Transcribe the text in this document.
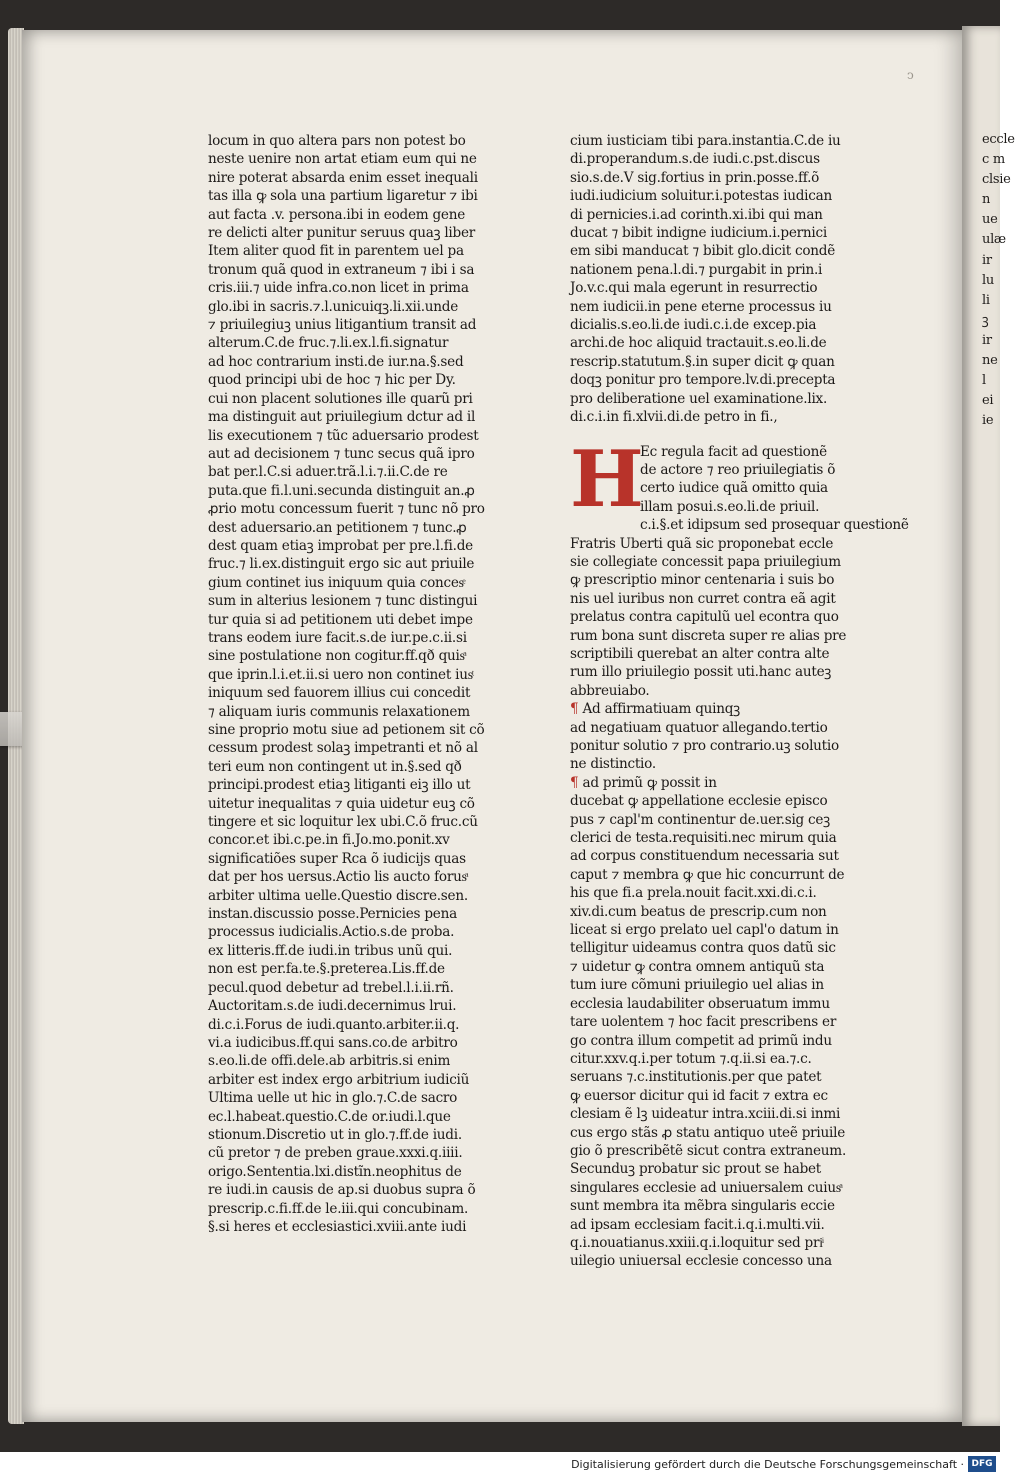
ↄ
locum in quo altera pars non potest bo
neste uenire non artat etiam eum qui ne
nire poterat absarda enim esset inequali
tas illa ꝙ sola una partium ligaretur ⁊ ibi
aut facta .v. persona.ibi in eodem gene
re delicti alter punitur seruus quaꝫ liber
Item aliter quod fit in parentem uel pa
tronum quã quod in extraneum ⁊ ibi i sa
cris.iii.⁊ uide infra.co.non licet in prima
glo.ibi in sacris.⁊.l.unicuiqꝫ.li.xii.unde
⁊ priuilegiuꝫ unius litigantium transit ad
alterum.C.de fruc.⁊.li.ex.l.fi.signatur
ad hoc contrarium insti.de iur.na.§.sed
quod principi ubi de hoc ⁊ hic per Dy.
cui non placent solutiones ille quarũ pri
ma distinguit aut priuilegium dctur ad il
lis executionem ⁊ tũc aduersario prodest
aut ad decisionem ⁊ tunc secus quã ipro
bat per.l.C.si aduer.trã.l.i.⁊.ii.C.de re
puta.que fi.l.uni.secunda distinguit an.ꝓ
ꝓrio motu concessum fuerit ⁊ tunc nõ pro
dest aduersario.an petitionem ⁊ tunc.ꝓ
dest quam etiaꝫ improbat per pre.l.fi.de
fruc.⁊ li.ex.distinguit ergo sic aut priuile
gium continet ius iniquum quia concesͤ
sum in alterius lesionem ⁊ tunc distingui
tur quia si ad petitionem uti debet impe
trans eodem iure facit.s.de iur.pe.c.ii.si
sine postulatione non cogitur.ff.qð quisͣ
que iprin.l.i.et.ii.si uero non continet iusͭ
iniquum sed fauorem illius cui concedit
⁊ aliquam iuris communis relaxationem
sine proprio motu siue ad petionem sit cõ
cessum prodest solaꝫ impetranti et nõ al
teri eum non contingent ut in.§.sed qð
principi.prodest etiaꝫ litiganti eiꝫ illo ut
uitetur inequalitas ⁊ quia uidetur euꝫ cõ
tingere et sic loquitur lex ubi.C.õ fruc.cũ
concor.et ibi.c.pe.in fi.Jo.mo.ponit.xv
significatiões super Rca õ iudicijs quas
dat per hos uersus.Actio lis aucto forusͣ
arbiter ultima uelle.Questio discre.sen.
instan.discussio posse.Pernicies pena
processus iudicialis.Actio.s.de proba.
ex litteris.ff.de iudi.in tribus unũ qui.
non est per.fa.te.§.preterea.Lis.ff.de
pecul.quod debetur ad trebel.l.i.ii.rñ.
Auctoritam.s.de iudi.decernimus lrui.
di.c.i.Forus de iudi.quanto.arbiter.ii.q.
vi.a iudicibus.ff.qui sans.co.de arbitro
s.eo.li.de offi.dele.ab arbitris.si enim
arbiter est index ergo arbitrium iudiciũ
Ultima uelle ut hic in glo.⁊.C.de sacro
ec.l.habeat.questio.C.de or.iudi.l.que
stionum.Discretio ut in glo.⁊.ff.de iudi.
cũ pretor ⁊ de preben graue.xxxi.q.iiii.
origo.Sententia.lxi.distĩn.neophitus de
re iudi.in causis de ap.si duobus supra õ
prescrip.c.fi.ff.de le.iii.qui concubinam.
§.si heres et ecclesiastici.xviii.ante iudi
cium iusticiam tibi para.instantia.C.de iu
di.properandum.s.de iudi.c.pst.discus
sio.s.de.V sig.fortius in prin.posse.ff.õ
iudi.iudicium soluitur.i.potestas iudican
di pernicies.i.ad corinth.xi.ibi qui man
ducat ⁊ bibit indigne iudicium.i.pernici
em sibi manducat ⁊ bibit glo.dicit condẽ
nationem pena.l.di.⁊ purgabit in prin.i
Jo.v.c.qui mala egerunt in resurrectio
nem iudicii.in pene eterne processus iu
dicialis.s.eo.li.de iudi.c.i.de excep.pia
archi.de hoc aliquid tractauit.s.eo.li.de
rescrip.statutum.§.in super dicit ꝙ quan
doqꝫ ponitur pro tempore.lv.di.precepta
pro deliberatione uel examinatione.lix.
di.c.i.in fi.xlvii.di.de petro in fi.,
H
Ec regula facit ad questionẽ
de actore ⁊ reo priuilegiatis õ
certo iudice quã omitto quia
illam posui.s.eo.li.de priuil.
c.i.§.et idipsum sed prosequar questionẽ
Fratris Uberti quã sic proponebat eccle
sie collegiate concessit papa priuilegium
ꝙ prescriptio minor centenaria i suis bo
nis uel iuribus non curret contra eã agit
prelatus contra capitulũ uel econtra quo
rum bona sunt discreta super re alias pre
scriptibili querebat an alter contra alte
rum illo priuilegio possit uti.hanc auteꝫ
abbreuiabo.
¶ Ad affirmatiuam quinqꝫ
ad negatiuam quatuor allegando.tertio
ponitur solutio ⁊ pro contrario.uꝫ solutio
ne distinctio.
¶ ad primũ ꝙ possit in
ducebat ꝙ appellatione ecclesie episco
pus ⁊ capl'm continentur de.uer.sig ceꝫ
clerici de testa.requisiti.nec mirum quia
ad corpus constituendum necessaria sut
caput ⁊ membra ꝙ que hic concurrunt de
his que fi.a prela.nouit facit.xxi.di.c.i.
xiv.di.cum beatus de prescrip.cum non
liceat si ergo prelato uel capl'o datum in
telligitur uideamus contra quos datũ sic
⁊ uidetur ꝙ contra omnem antiquũ sta
tum iure cõmuni priuilegio uel alias in
ecclesia laudabiliter obseruatum immu
tare uolentem ⁊ hoc facit prescribens er
go contra illum competit ad primũ indu
citur.xxv.q.i.per totum ⁊.q.ii.si ea.⁊.c.
seruans ⁊.c.institutionis.per que patet
ꝙ euersor dicitur qui id facit ⁊ extra ec
clesiam ẽ lꝫ uideatur intra.xciii.di.si inmi
cus ergo stãs ꝓ statu antiquo uteẽ priuile
gio õ prescribẽtẽ sicut contra extraneum.
Secunduꝫ probatur sic prout se habet
singulares ecclesie ad uniuersalem cuiusͣ
sunt membra ita mẽbra singularis eccie
ad ipsam ecclesiam facit.i.q.i.multi.vii.
q.i.nouatianus.xxiii.q.i.loquitur sed priͥ
uilegio uniuersal ecclesie concesso una
eccle
c m
clsie
n
ue
ulæ
ir
lu
li
ꝫ
ir
ne
l
ei
ie
Digitalisierung gefördert durch die Deutsche Forschungsgemeinschaft · DFG
